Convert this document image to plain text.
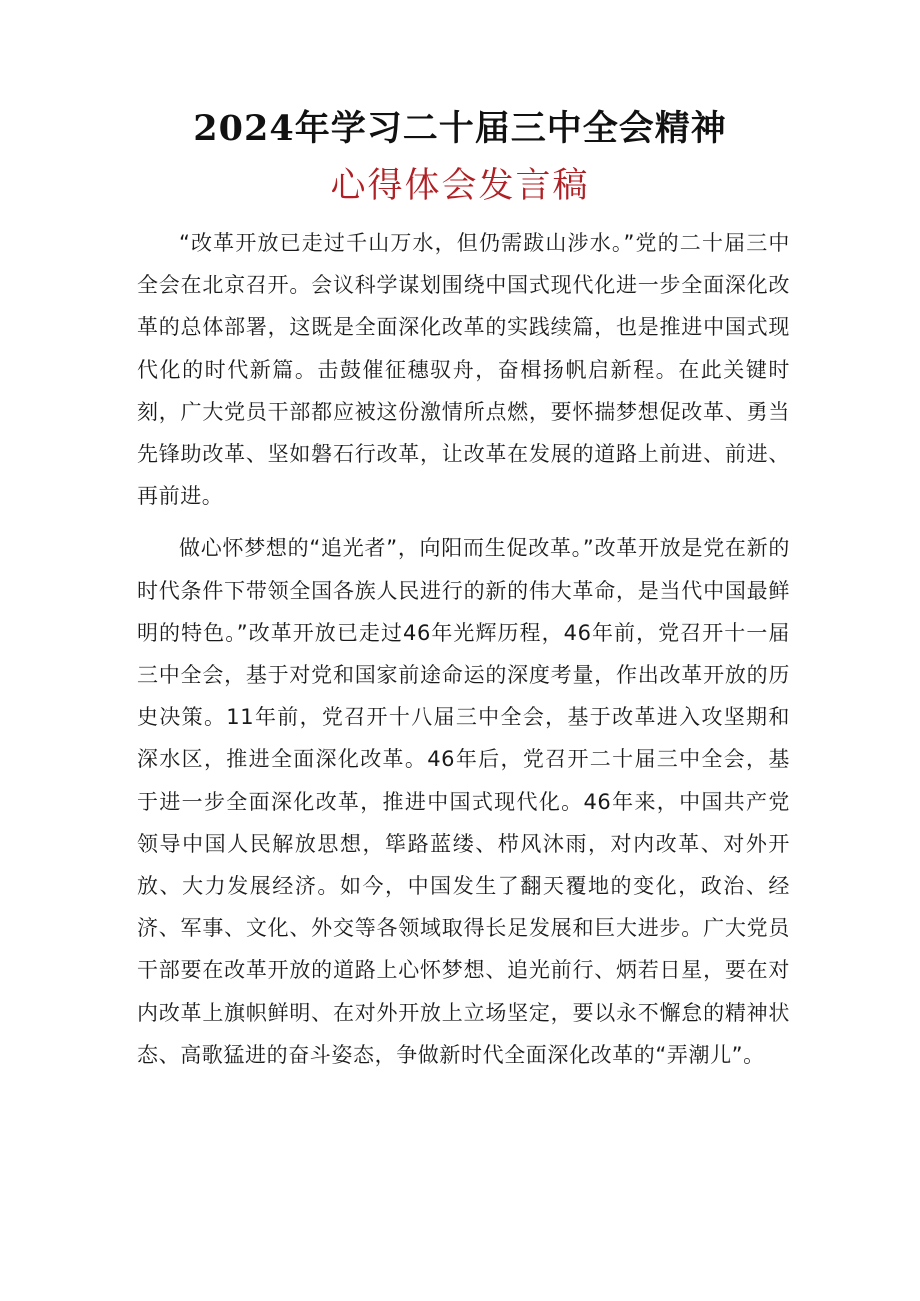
2024年学习二十届三中全会精神
心得体会发言稿

“改革开放已走过千山万水，但仍需跋山涉水。”党的二十届三中全会在北京召开。会议科学谋划围绕中国式现代化进一步全面深化改革的总体部署，这既是全面深化改革的实践续篇，也是推进中国式现代化的时代新篇。击鼓催征穗驭舟，奋楫扬帆启新程。在此关键时刻，广大党员干部都应被这份激情所点燃，要怀揣梦想促改革、勇当先锋助改革、坚如磐石行改革，让改革在发展的道路上前进、前进、再前进。

做心怀梦想的“追光者”，向阳而生促改革。”改革开放是党在新的时代条件下带领全国各族人民进行的新的伟大革命，是当代中国最鲜明的特色。”改革开放已走过46年光辉历程，46年前，党召开十一届三中全会，基于对党和国家前途命运的深度考量，作出改革开放的历史决策。11年前，党召开十八届三中全会，基于改革进入攻坚期和深水区，推进全面深化改革。46年后，党召开二十届三中全会，基于进一步全面深化改革，推进中国式现代化。46年来，中国共产党领导中国人民解放思想，筚路蓝缕、栉风沐雨，对内改革、对外开放、大力发展经济。如今，中国发生了翻天覆地的变化，政治、经济、军事、文化、外交等各领域取得长足发展和巨大进步。广大党员干部要在改革开放的道路上心怀梦想、追光前行、炳若日星，要在对内改革上旗帜鲜明、在对外开放上立场坚定，要以永不懈怠的精神状态、高歌猛进的奋斗姿态，争做新时代全面深化改革的“弄潮儿”。
